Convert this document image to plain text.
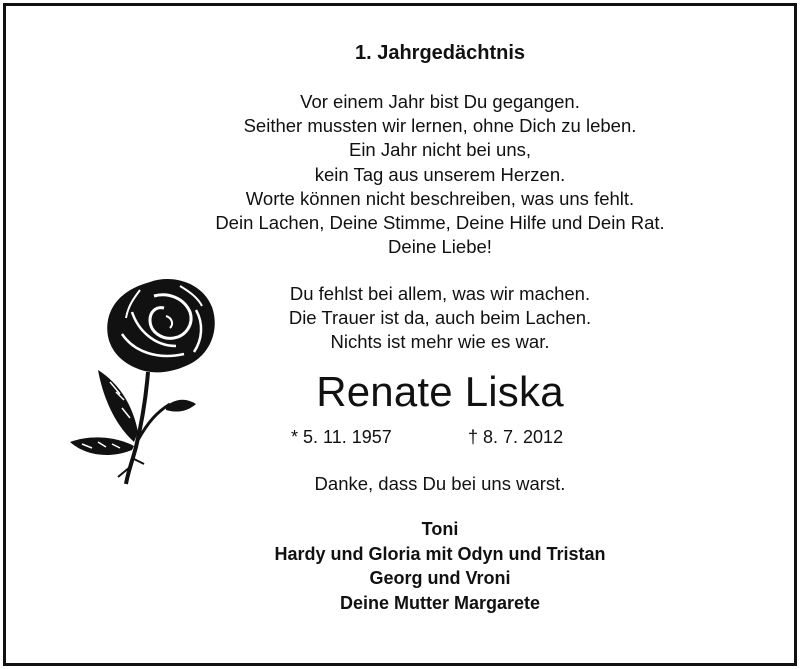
1. Jahrgedächtnis
Vor einem Jahr bist Du gegangen.
Seither mussten wir lernen, ohne Dich zu leben.
Ein Jahr nicht bei uns,
kein Tag aus unserem Herzen.
Worte können nicht beschreiben, was uns fehlt.
Dein Lachen, Deine Stimme, Deine Hilfe und Dein Rat.
Deine Liebe!
Du fehlst bei allem, was wir machen.
Die Trauer ist da, auch beim Lachen.
Nichts ist mehr wie es war.
Renate Liska
* 5. 11. 1957	† 8. 7. 2012
Danke, dass Du bei uns warst.
Toni
Hardy und Gloria mit Odyn und Tristan
Georg und Vroni
Deine Mutter Margarete
